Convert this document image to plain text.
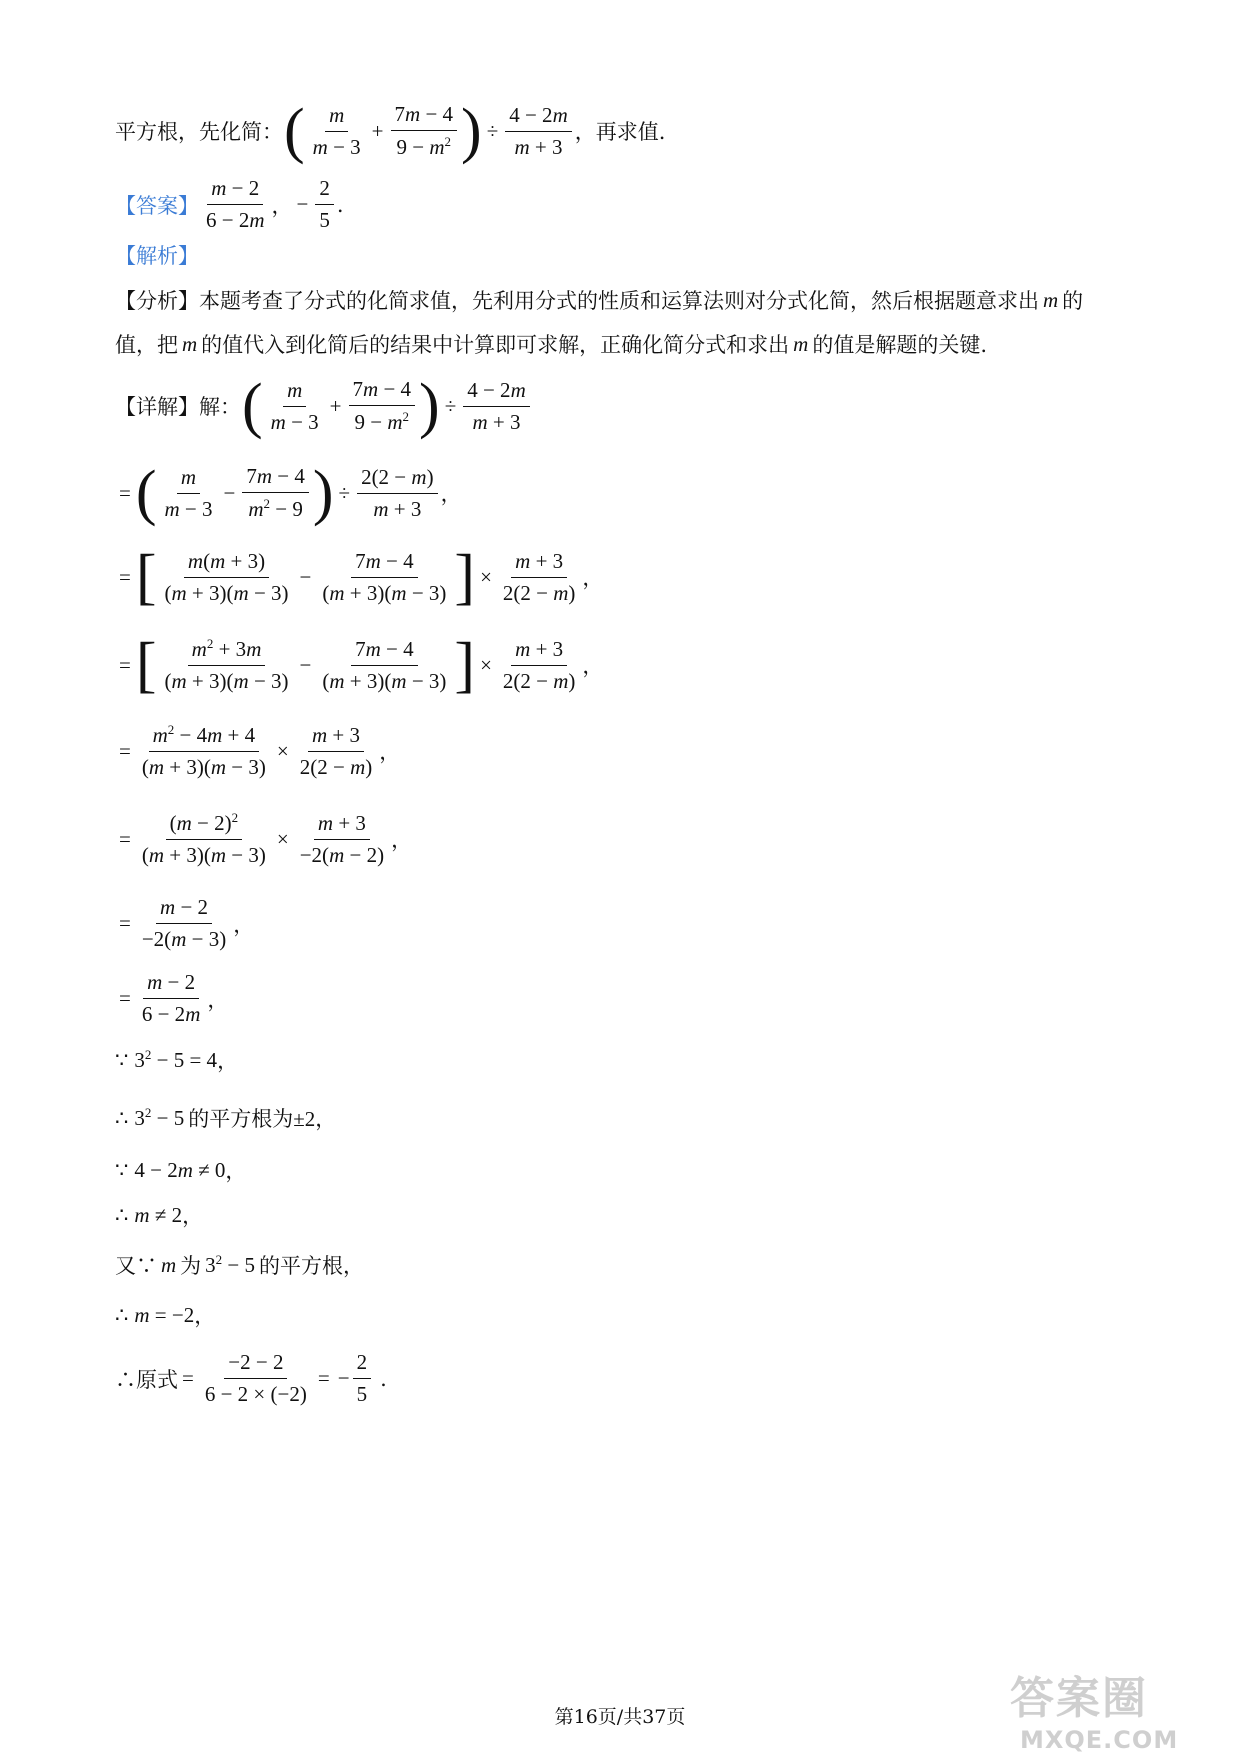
平方根，先化简： ( $\frac{m}{m - 3} + \frac{7m - 4}{9 - m^2}$ ) ÷ $\frac{4 - 2m}{m + 3}$ ，再求值.
【答案】 $\frac{m - 2}{6 - 2m}$ ， − $\frac{2}{5}$ .
【解析】
【分析】 本题考查了分式的化简求值，先利用分式的性质和运算法则对分式化简，然后根据题意求出 m 的
值，把 m 的值代入到化简后的结果中计算即可求解，正确化简分式和求出 m 的值是解题的关键.
【详解】 解： ( $\frac{m}{m - 3} + \frac{7m - 4}{9 - m^2}$ ) ÷ $\frac{4 - 2m}{m + 3}$
= ( $\frac{m}{m - 3} - \frac{7m - 4}{m^2 - 9}$ ) ÷ $\frac{2(2 - m)}{m + 3}$ ，
= [ $\frac{m(m + 3)}{(m + 3)(m - 3)} - \frac{7m - 4}{(m + 3)(m - 3)}$ ] × $\frac{m + 3}{2(2 - m)}$ ，
= [ $\frac{m^2 + 3m}{(m + 3)(m - 3)} - \frac{7m - 4}{(m + 3)(m - 3)}$ ] × $\frac{m + 3}{2(2 - m)}$ ，
= $\frac{m^2 - 4m + 4}{(m + 3)(m - 3)} \times \frac{m + 3}{2(2 - m)}$ ，
= $\frac{(m - 2)^2}{(m + 3)(m - 3)} \times \frac{m + 3}{-2(m - 2)}$ ，
= $\frac{m - 2}{-2(m - 3)}$ ，
= $\frac{m - 2}{6 - 2m}$ ，
∵ $3^2 - 5 = 4$ ，
∴ $3^2 - 5$ 的平方根为 ±2，
∵ 4 − 2m ≠ 0 ，
∴ m ≠ 2 ，
又∵ m 为 $3^2 - 5$ 的平方根，
∴ m = −2 ，
∴原式 = $\frac{-2 - 2}{6 - 2 \times (-2)}$ = − $\frac{2}{5}$ .
第16页/共37页	答案圈
MXQE.COM
